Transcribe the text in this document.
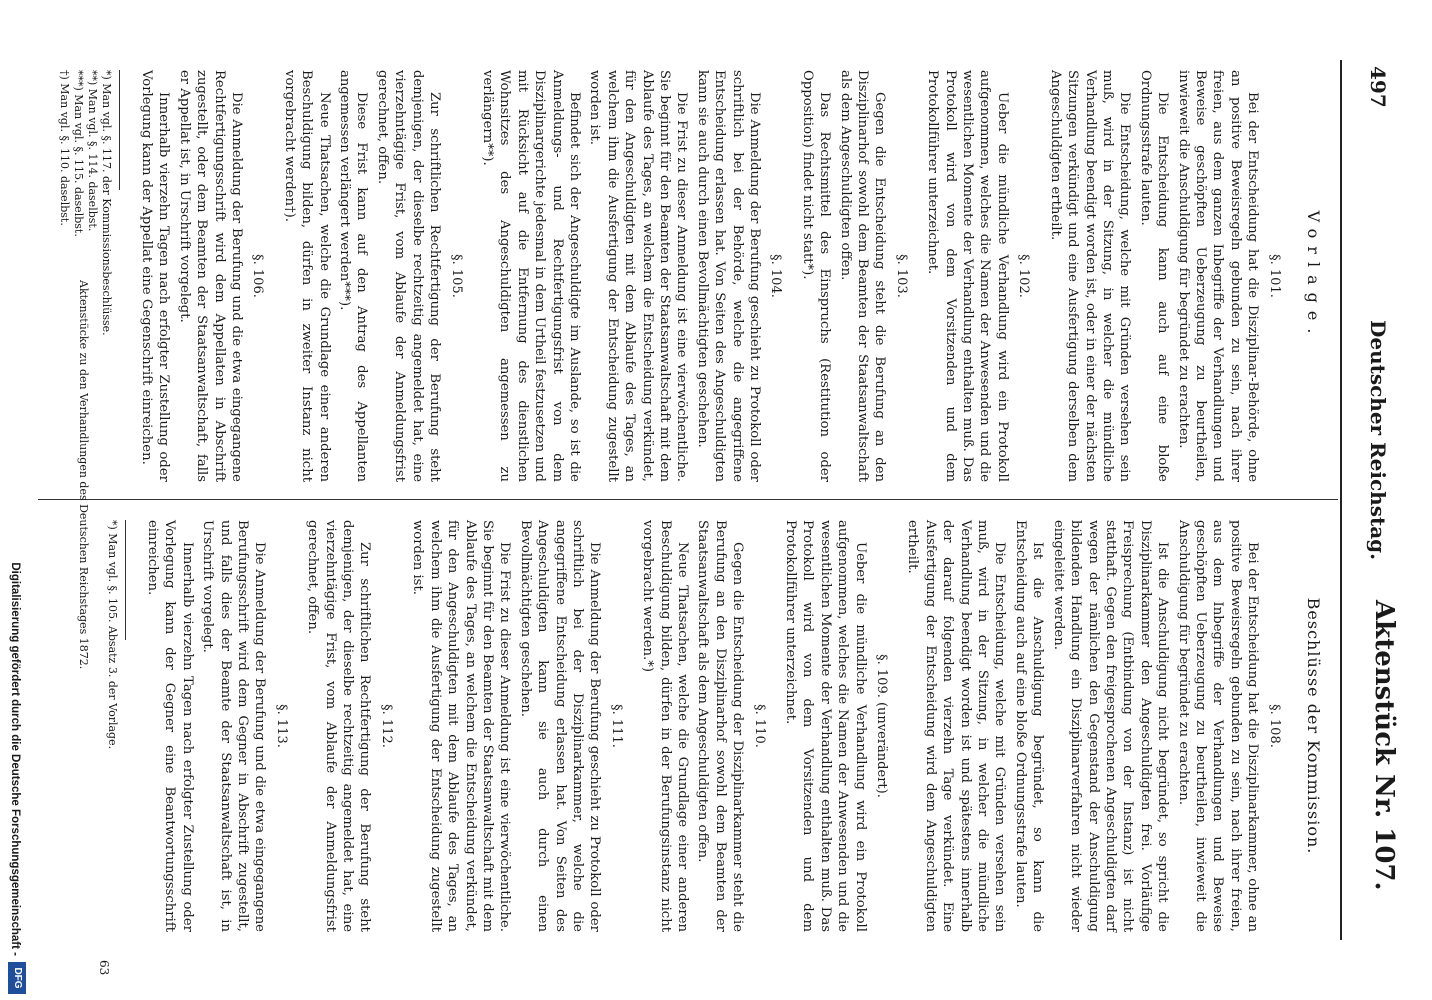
497
Deutscher Reichstag.
Aktenstück Nr. 107.
Vorlage.
§. 101.

Bei der Entscheidung hat die Disziplinar-Behörde, ohne an positive Beweisregeln gebunden zu sein, nach ihrer freien, aus dem ganzen Inbegriffe der Verhandlungen und Beweise geschöpften Ueberzeugung zu beurtheilen, inwieweit die Anschuldigung für begründet zu erachten.

Die Entscheidung kann auch auf eine bloße Ordnungsstrafe lauten.

Die Entscheidung, welche mit Gründen versehen sein muß, wird in der Sitzung, in welcher die mündliche Verhandlung beendigt worden ist, oder in einer der nächsten Sitzungen verkündigt und eine Ausfertigung derselben dem Angeschuldigten ertheilt.

§. 102.

Ueber die mündliche Verhandlung wird ein Protokoll aufgenommen, welches die Namen der Anwesenden und die wesentlichen Momente der Verhandlung enthalten muß. Das Protokoll wird von dem Vorsitzenden und dem Protokollführer unterzeichnet.

§. 103.

Gegen die Entscheidung steht die Berufung an den Disziplinarhof sowohl dem Beamten der Staatsanwaltschaft als dem Angeschuldigten offen.

Das Rechtsmittel des Einspruchs (Restitution oder Opposition) findet nicht statt*).

§. 104.

Die Anmeldung der Berufung geschieht zu Protokoll oder schriftlich bei der Behörde, welche die angegriffene Entscheidung erlassen hat. Von Seiten des Angeschuldigten kann sie auch durch einen Bevollmächtigten geschehen.

Die Frist zu dieser Anmeldung ist eine vierwöchentliche. Sie beginnt für den Beamten der Staatsanwaltschaft mit dem Ablaufe des Tages, an welchem die Entscheidung verkündet, für den Angeschuldigten mit dem Ablaufe des Tages, an welchem ihm die Ausfertigung der Entscheidung zugestellt worden ist.

Befindet sich der Angeschuldigte im Auslande, so ist die Anmeldungs- und Rechtfertigungsfrist von dem Disziplinargerichte jedesmal in dem Urtheil festzusetzen und mit Rücksicht auf die Entfernung des dienstlichen Wohnsitzes des Angeschuldigten angemessen zu verlängern**).

§. 105.

Zur schriftlichen Rechtfertigung der Berufung steht demjenigen, der dieselbe rechtzeitig angemeldet hat, eine vierzehntägige Frist, vom Ablaufe der Anmeldungsfrist gerechnet, offen.

Diese Frist kann auf den Antrag des Appellanten angemessen verlängert werden***).

Neue Thatsachen, welche die Grundlage einer anderen Beschuldigung bilden, dürfen in zweiter Instanz nicht vorgebracht werden†).

§. 106.

Die Anmeldung der Berufung und die etwa eingegangene Rechtfertigungsschrift wird dem Appellaten in Abschrift zugestellt, oder dem Beamten der Staatsanwaltschaft, falls er Appellat ist, in Urschrift vorgelegt.

Innerhalb vierzehn Tagen nach erfolgter Zustellung oder Vorlegung kann der Appellat eine Gegenschrift einreichen.

*) Man vgl. §. 117. der Kommissionsbeschlüsse.

**) Man vgl. §. 114. daselbst.

***) Man vgl. §. 115. daselbst.

†) Man vgl. §. 110. daselbst.

Beschlüsse der Kommission.
§. 108.

Bei der Entscheidung hat die Disziplinarkammer, ohne an positive Beweisregeln gebunden zu sein, nach ihrer freien, aus dem Inbegriffe der Verhandlungen und Beweise geschöpften Ueberzeugung zu beurtheilen, inwieweit die Anschuldigung für begründet zu erachten.

Ist die Anschuldigung nicht begründet, so spricht die Disziplinarkammer den Angeschuldigten frei. Vorläufige Freisprechung (Entbindung von der Instanz) ist nicht statthaft. Gegen den freigesprochenen Angeschuldigten darf wegen der nämlichen den Gegenstand der Anschuldigung bildenden Handlung ein Disziplinarverfahren nicht wieder eingeleitet werden.

Ist die Anschuldigung begründet, so kann die Entscheidung auch auf eine bloße Ordnungsstrafe lauten.

Die Entscheidung, welche mit Gründen versehen sein muß, wird in der Sitzung, in welcher die mündliche Verhandlung beendigt worden ist und spätestens innerhalb der darauf folgenden vierzehn Tage verkündet. Eine Ausfertigung der Entscheidung wird dem Angeschuldigten ertheilt.

§. 109. (unverändert).

Ueber die mündliche Verhandlung wird ein Protokoll aufgenommen, welches die Namen der Anwesenden und die wesentlichen Momente der Verhandlung enthalten muß. Das Protokoll wird von dem Vorsitzenden und dem Protokollführer unterzeichnet.

§. 110.

Gegen die Entscheidung der Disziplinarkammer steht die Berufung an den Disziplinarhof sowohl dem Beamten der Staatsanwaltschaft als dem Angeschuldigten offen.

Neue Thatsachen, welche die Grundlage einer anderen Beschuldigung bilden, dürfen in der Berufungsinstanz nicht vorgebracht werden.*)

§. 111.

Die Anmeldung der Berufung geschieht zu Protokoll oder schriftlich bei der Disziplinarkammer, welche die angegriffene Entscheidung erlassen hat. Von Seiten des Angeschuldigten kann sie auch durch einen Bevollmächtigten geschehen.

Die Frist zu dieser Anmeldung ist eine vierwöchentliche. Sie beginnt für den Beamten der Staatsanwaltschaft mit dem Ablaufe des Tages, an welchem die Entscheidung verkündet, für den Angeschuldigten mit dem Ablaufe des Tages, an welchem ihm die Ausfertigung der Entscheidung zugestellt worden ist.

§. 112.

Zur schriftlichen Rechtfertigung der Berufung steht demjenigen, der dieselbe rechtzeitig angemeldet hat, eine vierzehntägige Frist, vom Ablaufe der Anmeldungsfrist gerechnet, offen.

§. 113.

Die Anmeldung der Berufung und die etwa eingegangene Berufungsschrift wird dem Gegner in Abschrift zugestellt, und falls dies der Beamte der Staatsanwaltschaft ist, in Urschrift vorgelegt.

Innerhalb vierzehn Tagen nach erfolgter Zustellung oder Vorlegung kann der Gegner eine Beantwortungsschrift einreichen.

*) Man vgl. §. 105. Absatz 3. der Vorlage.

Aktenstücke zu den Verhandlungen des Deutschen Reichstages 1872.
63
Digitalisierung gefördert durch die Deutsche Forschungsgemeinschaft -
DFG
